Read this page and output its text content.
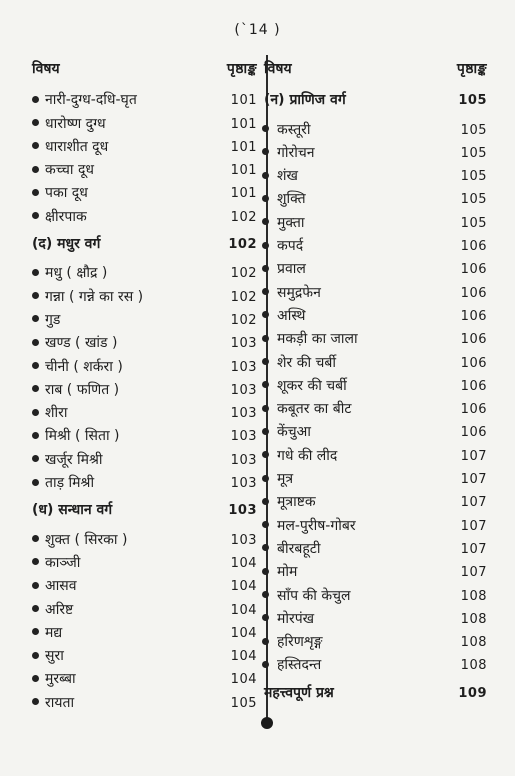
(`14 )
विषय	पृष्ठाङ्क
नारी-दुग्ध-दधि-घृत	101
धारोष्ण दुग्ध	101
धाराशीत दूध	101
कच्चा दूध	101
पका दूध	101
क्षीरपाक	102
(द) मधुर वर्ग	102
मधु ( क्षौद्र )	102
गन्ना ( गन्ने का रस )	102
गुड	102
खण्ड ( खांड )	103
चीनी ( शर्करा )	103
राब ( फणित )	103
शीरा	103
मिश्री ( सिता )	103
खर्जूर मिश्री	103
ताड़ मिश्री	103
(ध) सन्धान वर्ग	103
शुक्त ( सिरका )	103
काञ्जी	104
आसव	104
अरिष्ट	104
मद्य	104
सुरा	104
मुरब्बा	104
रायता	105
विषय	पृष्ठाङ्क
(न) प्राणिज वर्ग	105
कस्तूरी	105
गोरोचन	105
शंख	105
शुक्ति	105
मुक्ता	105
कपर्द	106
प्रवाल	106
समुद्रफेन	106
अस्थि	106
मकड़ी का जाला	106
शेर की चर्बी	106
शूकर की चर्बी	106
कबूतर का बीट	106
केंचुआ	106
गधे की लीद	107
मूत्र	107
मूत्राष्टक	107
मल-पुरीष-गोबर	107
बीरबहूटी	107
मोम	107
साँप की केचुल	108
मोरपंख	108
हरिणशृङ्ग	108
हस्तिदन्त	108
महत्त्वपूर्ण प्रश्न	109
